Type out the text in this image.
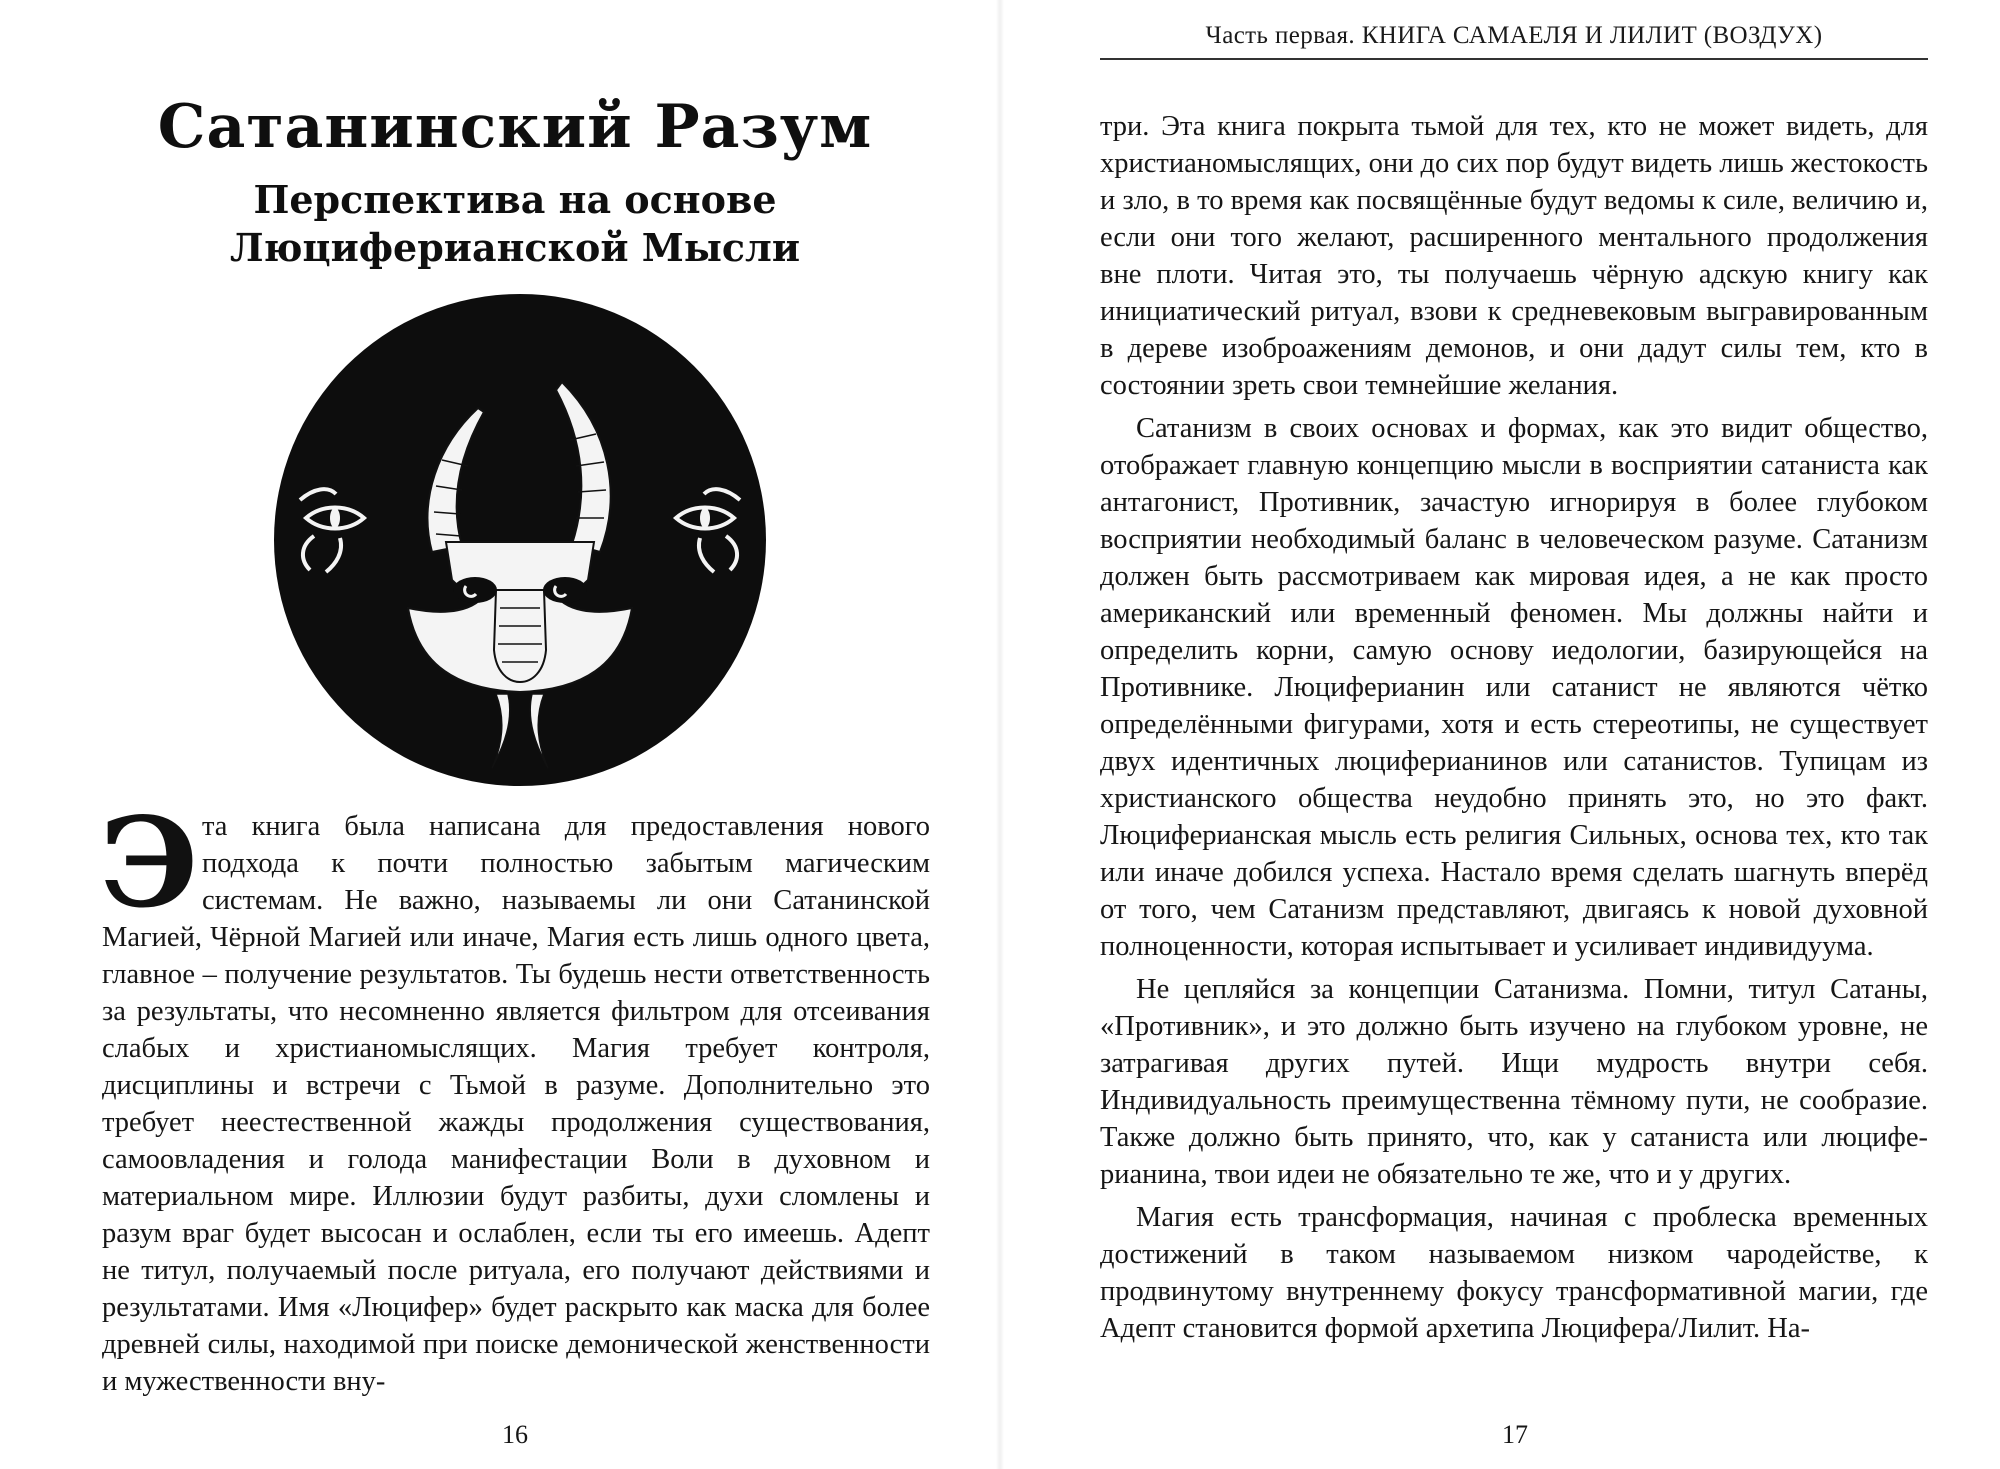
Сатанинский Разум
Перспектива на основе Люциферианской Мысли
Э та книга была написана для предоставления нового подхода к почти полностью забытым магическим системам. Не важно, называемы ли они Сатанинской Магией, Чёрной Магией или иначе, Магия есть лишь одного цвета, главное – получение результатов. Ты будешь нести ответственность за результаты, что несомненно является фильтром для отсеивания слабых и христианомыслящих. Магия требует контроля, дисциплины и встречи с Тьмой в разуме. Дополнительно это требует неестественной жажды продолжения существования, самоовладения и голода манифестации Воли в духовном и материальном мире. Иллюзии будут разбиты, духи сломлены и разум враг будет высосан и ослаблен, если ты его имеешь. Адепт не титул, получаемый после ритуала, его получают действиями и результатами. Имя «Люцифер» будет раскрыто как маска для более древней силы, находимой при поиске демонической женственности и мужественности вну-
16
Часть первая. КНИГА САМАЕЛЯ И ЛИЛИТ (ВОЗДУХ)

три. Эта книга покрыта тьмой для тех, кто не может видеть, для христианомыслящих, они до сих пор будут видеть лишь жестокость и зло, в то время как посвящённые будут ведомы к силе, величию и, если они того желают, расширенного ментального продолжения вне плоти. Читая это, ты получаешь чёрную адскую книгу как инициатический ритуал, взови к средневековым выгравированным в дереве изоброажениям демонов, и они дадут силы тем, кто в состоянии зреть свои темнейшие желания.

Сатанизм в своих основах и формах, как это видит общество, отображает главную концепцию мысли в восприятии сатаниста как антагонист, Противник, зачастую игнорируя в более глубоком восприятии необходимый баланс в человеческом разуме. Сатанизм должен быть рассмотриваем как мировая идея, а не как просто американский или временный феномен. Мы должны найти и определить корни, самую основу иедологии, базирующейся на Противнике. Люциферианин или сатанист не являются чётко определёнными фигурами, хотя и есть стереотипы, не существует двух идентичных люциферианинов или сатанистов. Тупицам из христианского общества неудобно принять это, но это факт. Люциферианская мысль есть религия Сильных, основа тех, кто так или иначе добился успеха. Настало время сделать шагнуть вперёд от того, чем Сатанизм представляют, двигаясь к новой духовной полноценности, которая испытывает и усиливает индивидуума.

Не цепляйся за концепции Сатанизма. Помни, титул Сатаны, «Противник», и это должно быть изучено на глубоком уровне, не затрагивая других путей. Ищи мудрость внутри себя. Индивидуальность преимущественна тёмному пути, не сообразие. Также должно быть принято, что, как у сатаниста или люциферианина, твои идеи не обязательно те же, что и у других.

Магия есть трансформация, начиная с проблеска временных достижений в таком называемом низком чародействе, к продвинутому внутреннему фокусу трансформативной магии, где Адепт становится формой архетипа Люцифера/Лилит. На-

17
